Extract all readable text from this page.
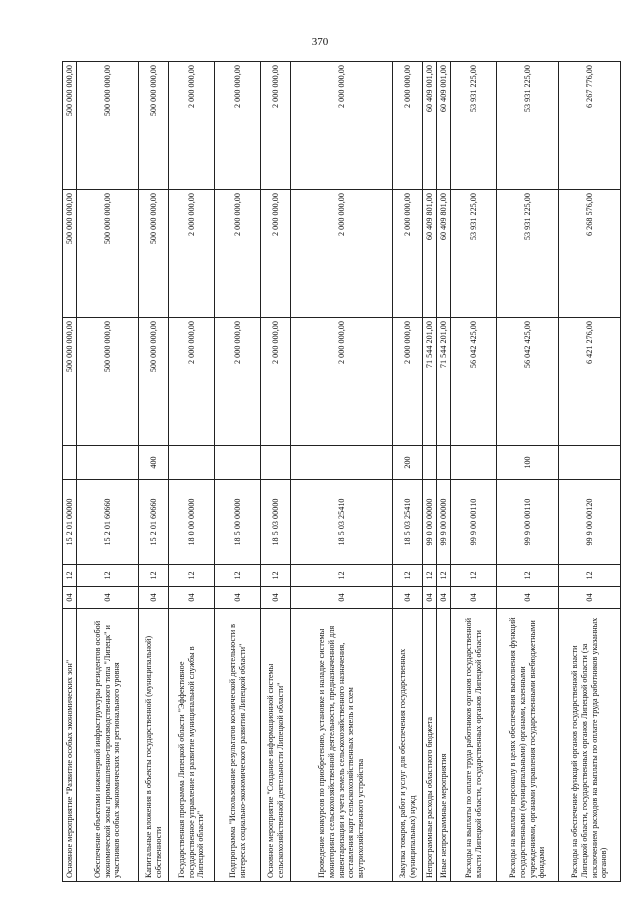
370
Основное мероприятие "Развитие особых экономических зон"	04	12	15 2 01 00000		500 000 000,00	500 000 000,00	500 000 000,00
Обеспечение объектами инженерной инфраструктуры резидентов особой экономической зоны промышленно-производственного типа "Липецк" и участников особых экономических зон регионального уровня	04	12	15 2 01 60660		500 000 000,00	500 000 000,00	500 000 000,00
Капитальные вложения в объекты государственной (муниципальной) собственности	04	12	15 2 01 60660	400	500 000 000,00	500 000 000,00	500 000 000,00
Государственная программа Липецкой области "Эффективное государственное управление и развитие муниципальной службы в Липецкой области"	04	12	18 0 00 00000		2 000 000,00	2 000 000,00	2 000 000,00
Подпрограмма "Использование результатов космической деятельности в интересах социально-экономического развития Липецкой области"	04	12	18 5 00 00000		2 000 000,00	2 000 000,00	2 000 000,00
Основное мероприятие "Создание информационной системы сельскохозяйственной деятельности Липецкой области"	04	12	18 5 03 00000		2 000 000,00	2 000 000,00	2 000 000,00
Проведение конкурсов по приобретению, установке и наладке системы мониторинга сельскохозяйственной деятельности, предназначенной для инвентаризации и учета земель сельскохозяйственного назначения, составления карт сельскохозяйственных земель и схем внутрихозяйственного устройства	04	12	18 5 03 25410		2 000 000,00	2 000 000,00	2 000 000,00
Закупка товаров, работ и услуг для обеспечения государственных (муниципальных) нужд	04	12	18 5 03 25410	200	2 000 000,00	2 000 000,00	2 000 000,00
Непрограммные расходы областного бюджета	04	12	99 0 00 00000		71 544 201,00	60 409 801,00	60 409 001,00
Иные непрограммные мероприятия	04	12	99 9 00 00000		71 544 201,00	60 409 801,00	60 409 001,00
Расходы на выплаты по оплате труда работников органов государственной власти Липецкой области, государственных органов Липецкой области	04	12	99 9 00 00110		56 042 425,00	53 931 225,00	53 931 225,00
Расходы на выплаты персоналу в целях обеспечения выполнения функций государственными (муниципальными) органами, казенными учреждениями, органами управления государственными внебюджетными фондами	04	12	99 9 00 00110	100	56 042 425,00	53 931 225,00	53 931 225,00
Расходы на обеспечение функций органов государственной власти Липецкой области, государственных органов Липецкой области (за исключением расходов на выплаты по оплате труда работников указанных органов)	04	12	99 9 00 00120		6 421 276,00	6 268 576,00	6 267 776,00
